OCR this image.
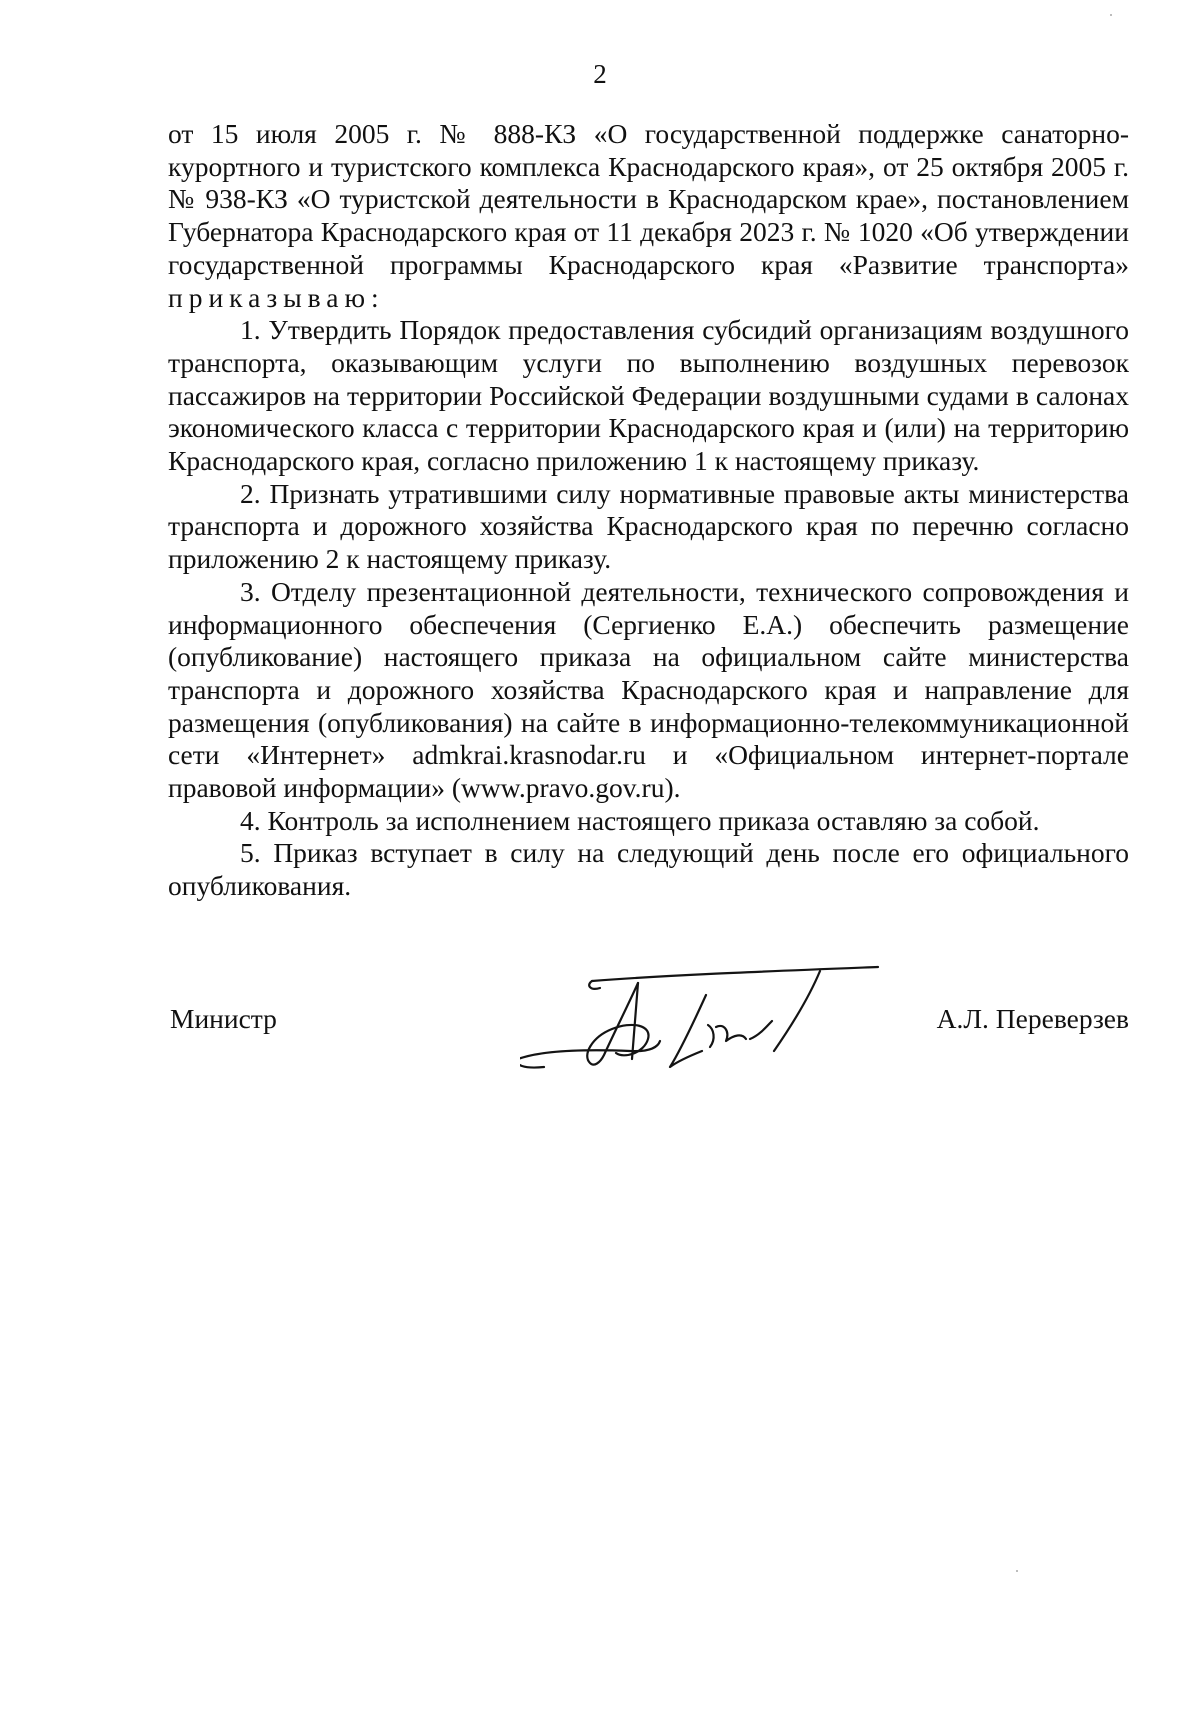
2

от 15 июля 2005 г. № 888-КЗ «О государственной поддержке санаторно-курортного и туристского комплекса Краснодарского края», от 25 октября 2005 г. № 938-КЗ «О туристской деятельности в Краснодарском крае», постановлением Губернатора Краснодарского края от 11 декабря 2023 г. № 1020 «Об утверждении государственной программы Краснодарского края «Развитие транспорта» приказываю:

1. Утвердить Порядок предоставления субсидий организациям воздушного транспорта, оказывающим услуги по выполнению воздушных перевозок пассажиров на территории Российской Федерации воздушными судами в салонах экономического класса с территории Краснодарского края и (или) на территорию Краснодарского края, согласно приложению 1 к настоящему приказу.

2. Признать утратившими силу нормативные правовые акты министерства транспорта и дорожного хозяйства Краснодарского края по перечню согласно приложению 2 к настоящему приказу.

3. Отделу презентационной деятельности, технического сопровождения и информационного обеспечения (Сергиенко Е.А.) обеспечить размещение (опубликование) настоящего приказа на официальном сайте министерства транспорта и дорожного хозяйства Краснодарского края и направление для размещения (опубликования) на сайте в информационно-телекоммуникационной сети «Интернет» admkrai.krasnodar.ru и «Официальном интернет-портале правовой информации» (www.pravo.gov.ru).

4. Контроль за исполнением настоящего приказа оставляю за собой.

5. Приказ вступает в силу на следующий день после его официального опубликования.

Министр	А.Л. Переверзев
